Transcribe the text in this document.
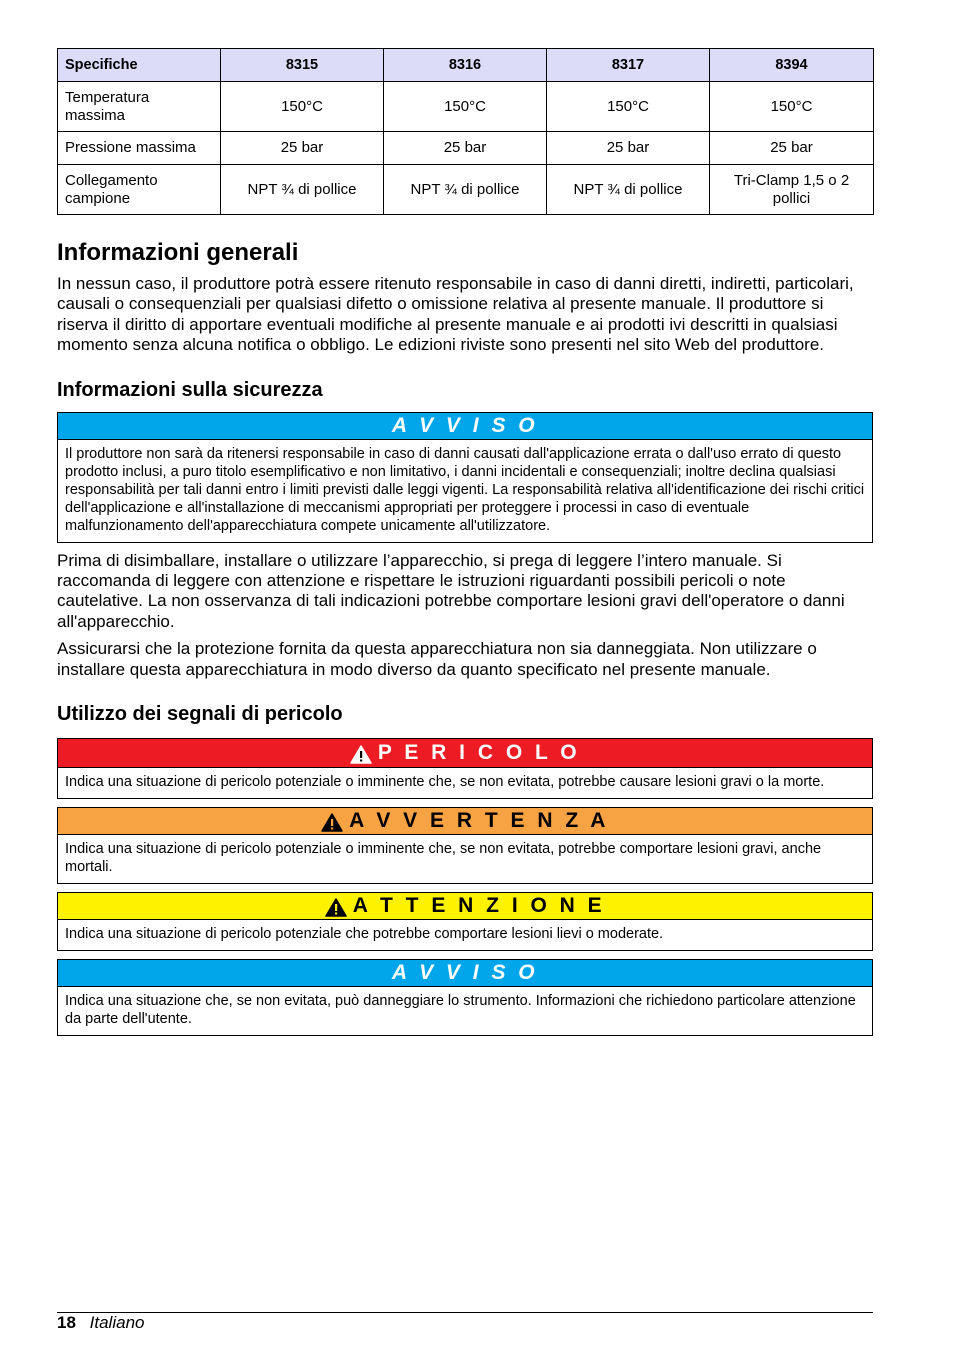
Specifiche	8315	8316	8317	8394
Temperatura massima	150°C	150°C	150°C	150°C
Pressione massima	25 bar	25 bar	25 bar	25 bar
Collegamento campione	NPT ¾ di pollice	NPT ¾ di pollice	NPT ¾ di pollice	Tri-Clamp 1,5 o 2 pollici
Informazioni generali

In nessun caso, il produttore potrà essere ritenuto responsabile in caso di danni diretti, indiretti, particolari, causali o consequenziali per qualsiasi difetto o omissione relativa al presente manuale. Il produttore si riserva il diritto di apportare eventuali modifiche al presente manuale e ai prodotti ivi descritti in qualsiasi momento senza alcuna notifica o obbligo. Le edizioni riviste sono presenti nel sito Web del produttore.

Informazioni sulla sicurezza
A V V I S O
Il produttore non sarà da ritenersi responsabile in caso di danni causati dall'applicazione errata o dall'uso errato di questo prodotto inclusi, a puro titolo esemplificativo e non limitativo, i danni incidentali e consequenziali; inoltre declina qualsiasi responsabilità per tali danni entro i limiti previsti dalle leggi vigenti. La responsabilità relativa all'identificazione dei rischi critici dell'applicazione e all'installazione di meccanismi appropriati per proteggere i processi in caso di eventuale malfunzionamento dell'apparecchiatura compete unicamente all'utilizzatore.

Prima di disimballare, installare o utilizzare l’apparecchio, si prega di leggere l’intero manuale. Si raccomanda di leggere con attenzione e rispettare le istruzioni riguardanti possibili pericoli o note cautelative. La non osservanza di tali indicazioni potrebbe comportare lesioni gravi dell'operatore o danni all'apparecchio.

Assicurarsi che la protezione fornita da questa apparecchiatura non sia danneggiata. Non utilizzare o installare questa apparecchiatura in modo diverso da quanto specificato nel presente manuale.

Utilizzo dei segnali di pericolo
P E R I C O L O
Indica una situazione di pericolo potenziale o imminente che, se non evitata, potrebbe causare lesioni gravi o la morte.
A V V E R T E N Z A
Indica una situazione di pericolo potenziale o imminente che, se non evitata, potrebbe comportare lesioni gravi, anche mortali.
A T T E N Z I O N E
Indica una situazione di pericolo potenziale che potrebbe comportare lesioni lievi o moderate.
A V V I S O
Indica una situazione che, se non evitata, può danneggiare lo strumento. Informazioni che richiedono particolare attenzione da parte dell'utente.
18 Italiano
